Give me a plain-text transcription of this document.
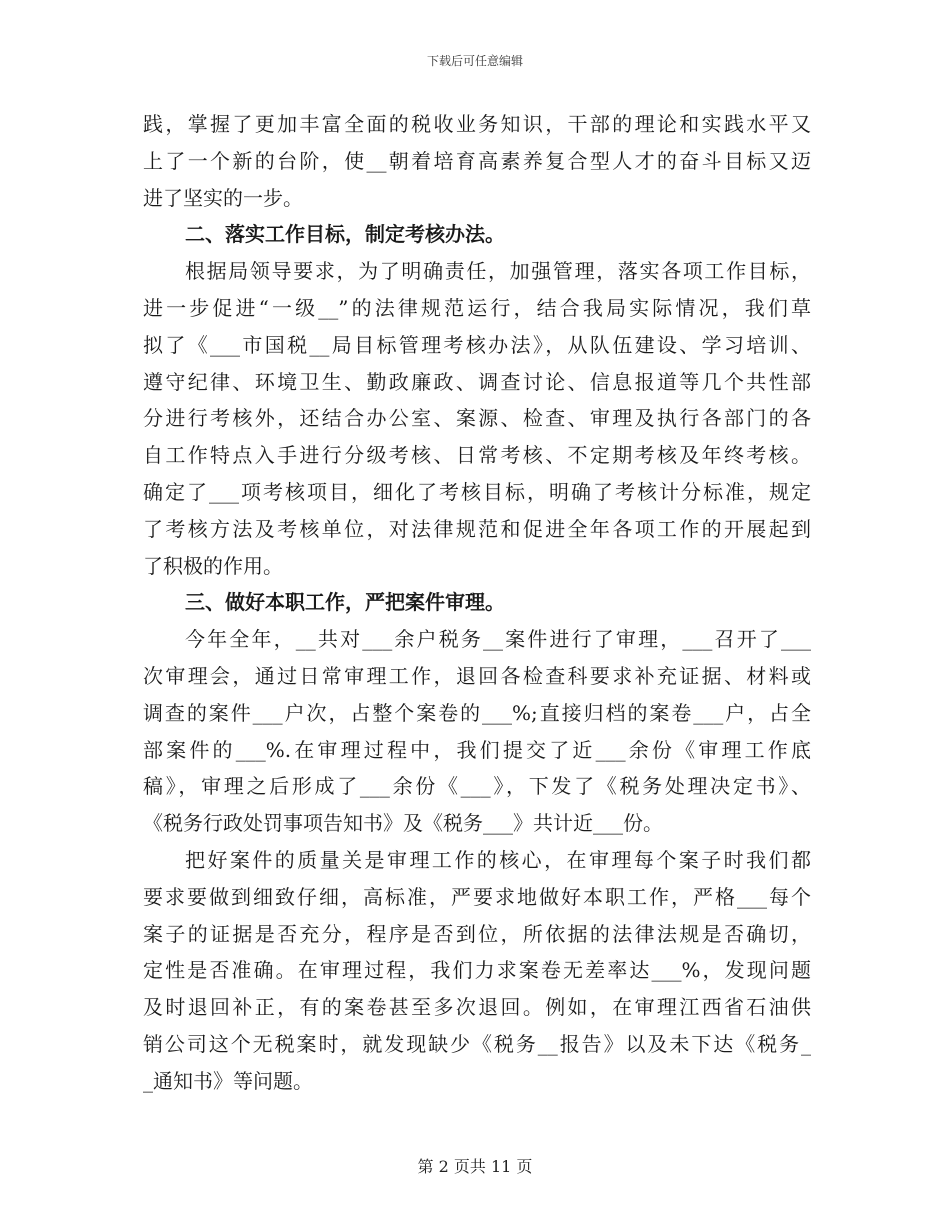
下载后可任意编辑
践，掌握了更加丰富全面的税收业务知识，干部的理论和实践水平又
上了一个新的台阶，使__朝着培育高素养复合型人才的奋斗目标又迈
进了坚实的一步。
二、落实工作目标，制定考核办法。
根据局领导要求，为了明确责任，加强管理，落实各项工作目标，
进一步促进“一级__”的法律规范运行，结合我局实际情况，我们草
拟了《___市国税__局目标管理考核办法》，从队伍建设、学习培训、
遵守纪律、环境卫生、勤政廉政、调查讨论、信息报道等几个共性部
分进行考核外，还结合办公室、案源、检查、审理及执行各部门的各
自工作特点入手进行分级考核、日常考核、不定期考核及年终考核。
确定了___项考核项目，细化了考核目标，明确了考核计分标准，规定
了考核方法及考核单位，对法律规范和促进全年各项工作的开展起到
了积极的作用。
三、做好本职工作，严把案件审理。
今年全年，__共对___余户税务__案件进行了审理，___召开了___
次审理会，通过日常审理工作，退回各检查科要求补充证据、材料或
调查的案件___户次，占整个案卷的___%;直接归档的案卷___户，占全
部案件的___%.在审理过程中，我们提交了近___余份《审理工作底
稿》，审理之后形成了___余份《___》，下发了《税务处理决定书》、
《税务行政处罚事项告知书》及《税务___》共计近___份。
把好案件的质量关是审理工作的核心，在审理每个案子时我们都
要求要做到细致仔细，高标准，严要求地做好本职工作，严格___每个
案子的证据是否充分，程序是否到位，所依据的法律法规是否确切，
定性是否准确。在审理过程，我们力求案卷无差率达___%，发现问题
及时退回补正，有的案卷甚至多次退回。例如，在审理江西省石油供
销公司这个无税案时，就发现缺少《税务__报告》以及未下达《税务_
_通知书》等问题。
第 2 页共 11 页
